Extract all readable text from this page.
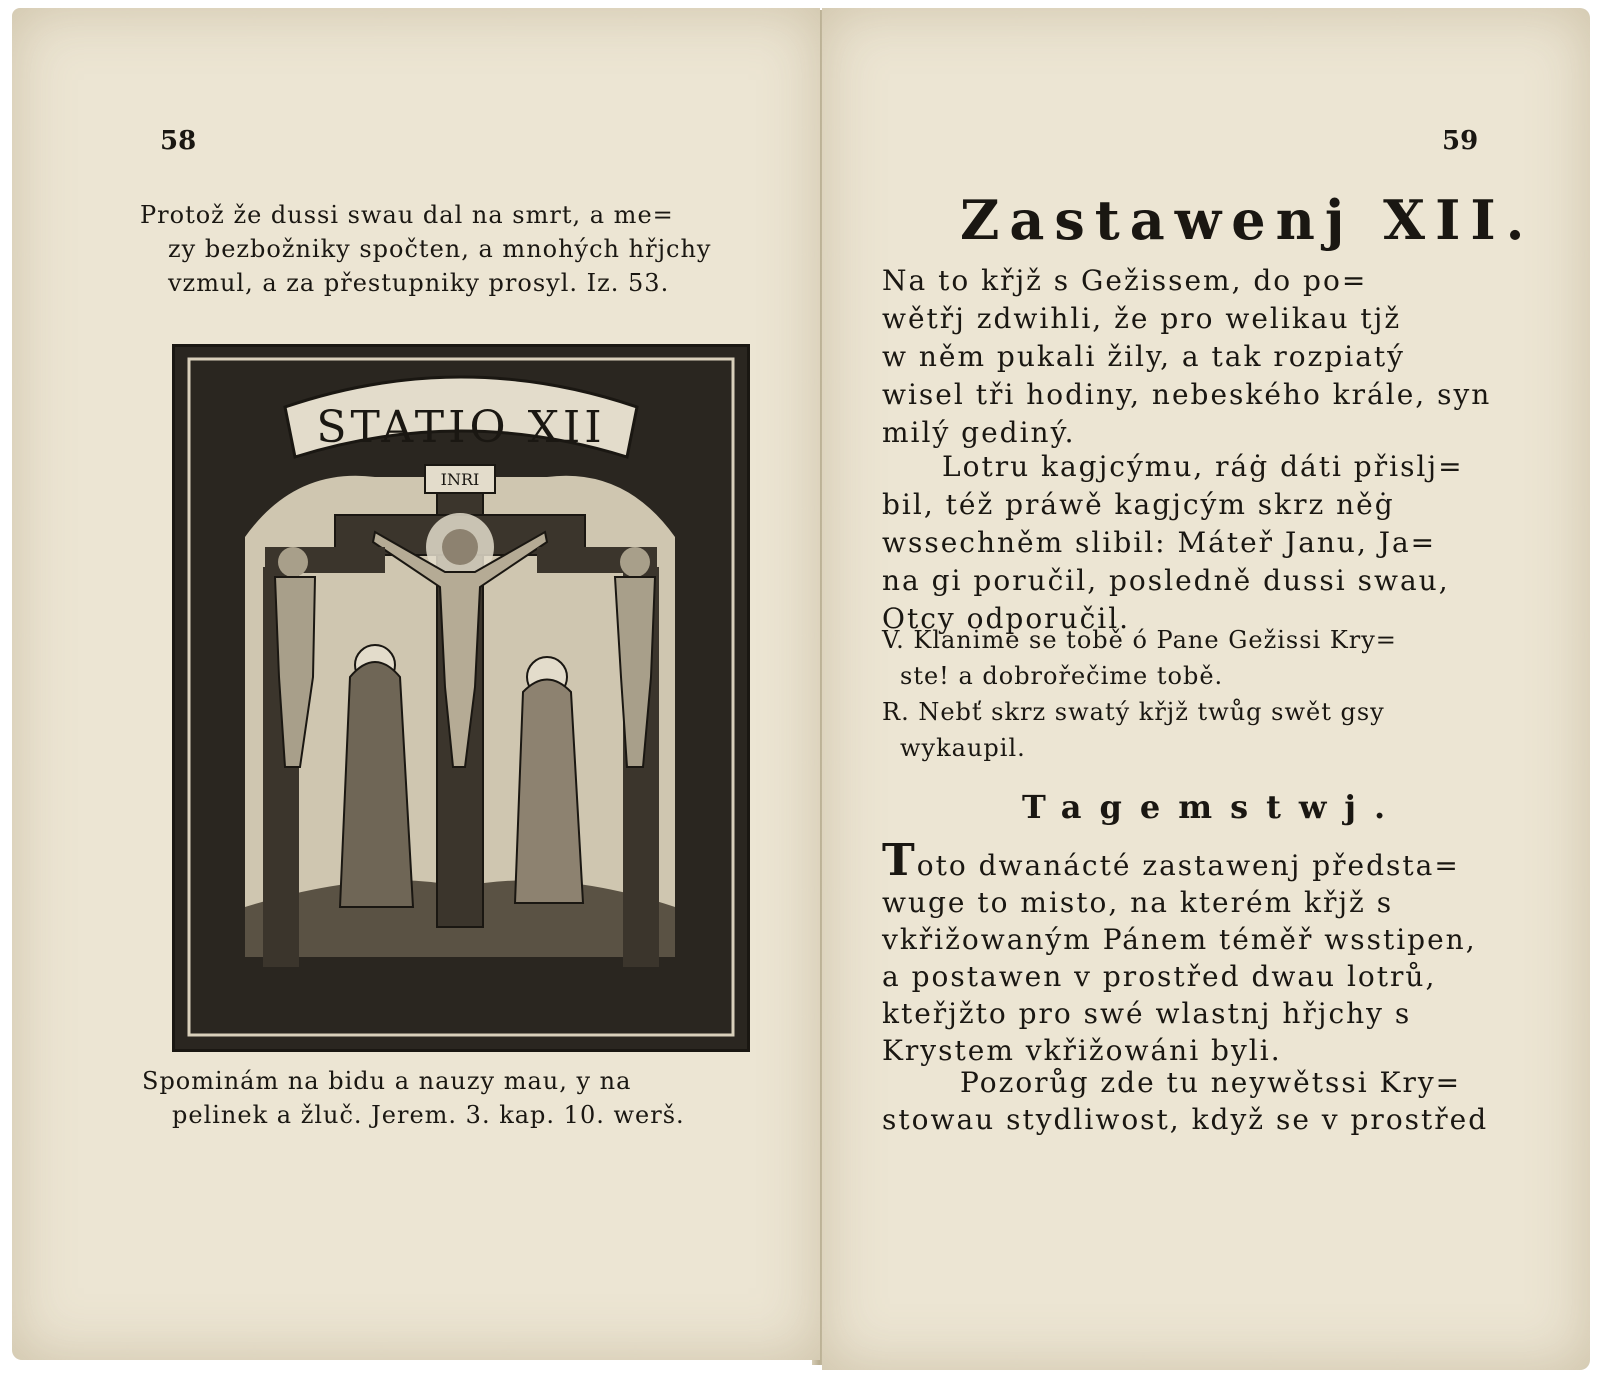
58
Protož že dussi swau dal na smrt, a me=
zy bezbožniky spočten, a mnohých hřjchy
vzmul, a za přestupniky prosyl. Iz. 53.
STATIO XII
INRI
Spominám na bidu a nauzy mau, y na
pelinek a žluč. Jerem. 3. kap. 10. werš.
59
Zastawenj XII.
Na to křjž s Gežissem, do po=
wětřj zdwihli, že pro welikau tjž
w něm pukali žily, a tak rozpiatý
wisel tři hodiny, nebeského krále, syn
milý gediný.
Lotru kagjcýmu, ráġ dáti přislj=
bil, též práwě kagjcým skrz něġ
wssechněm slibil: Máteř Janu, Ja=
na gi poručil, posledně dussi swau,
Otcy odporučil.
V. Klanime se tobě ó Pane Gežissi Kry=
ste! a dobrořečime tobě.
R. Nebť skrz swatý křjž twůg swět gsy
wykaupil.
Tagemstwj.
Toto dwanácté zastawenj předsta=
wuge to misto, na kterém křjž s
vkřižowaným Pánem téměř wsstipen,
a postawen v prostřed dwau lotrů,
kteřjžto pro swé wlastnj hřjchy s
Krystem vkřižowáni byli.
Pozorůg zde tu neywětssi Kry=
stowau stydliwost, když se v prostřed
